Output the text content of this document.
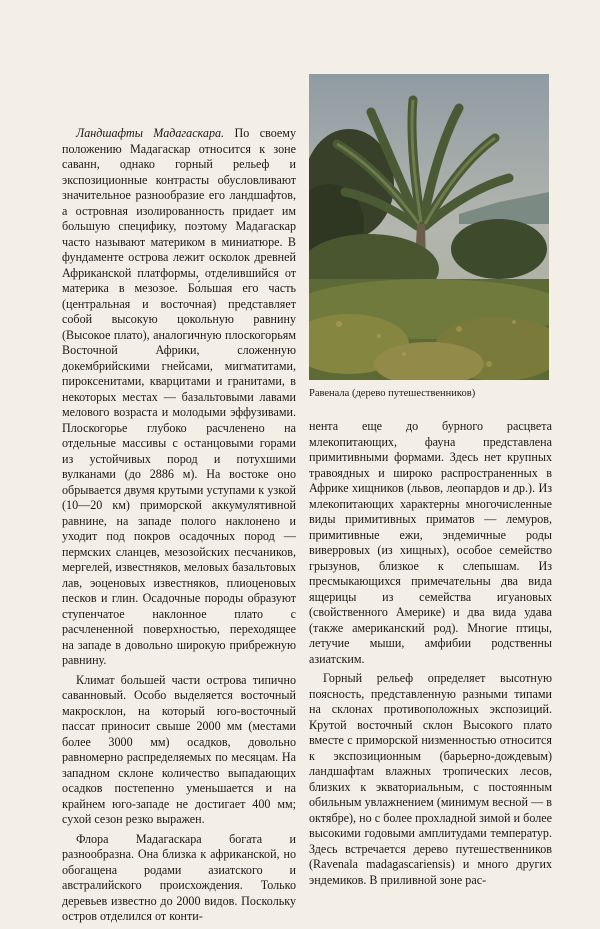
Равенала (дерево путешественников)

Ландшафты Мадагаскара. По своему положению Мадагаскар относится к зоне саванн, однако горный рельеф и экспозиционные контрасты обусловливают значительное разнообразие его ландшафтов, а островная изолированность придает им большую специфику, поэтому Мадагаскар часто называют материком в миниатюре. В фундаменте острова лежит осколок древней Африканской платформы, отделившийся от материка в мезозое. Бо́льшая его часть (центральная и восточная) представляет собой высокую цокольную равнину (Высокое плато), аналогичную плоскогорьям Восточной Африки, сложенную докембрийскими гнейсами, мигматитами, пироксенитами, кварцитами и гранитами, в некоторых местах — базальтовыми лавами мелового возраста и молодыми эффузивами. Плоскогорье глубоко расчленено на отдельные массивы с останцовыми горами из устойчивых пород и потухшими вулканами (до 2886 м). На востоке оно обрывается двумя крутыми уступами к узкой (10—20 км) приморской аккумулятивной равнине, на западе полого наклонено и уходит под покров осадочных пород — пермских сланцев, мезозойских песчаников, мергелей, известняков, меловых базальтовых лав, эоценовых известняков, плиоценовых песков и глин. Осадочные породы образуют ступенчатое наклонное плато с расчлененной поверхностью, переходящее на западе в довольно широкую прибрежную равнину.

Климат большей части острова типично саванновый. Особо выделяется восточный макросклон, на который юго-восточный пассат приносит свыше 2000 мм (местами более 3000 мм) осадков, довольно равномерно распределяемых по месяцам. На западном склоне количество выпадающих осадков постепенно уменьшается и на крайнем юго-западе не достигает 400 мм; сухой сезон резко выражен.

Флора Мадагаскара богата и разнообразна. Она близка к африканской, но обогащена родами азиатского и австралийского происхождения. Только деревьев известно до 2000 видов. Поскольку остров отделился от конти-

нента еще до бурного расцвета млекопитающих, фауна представлена примитивными формами. Здесь нет крупных травоядных и широко распространенных в Африке хищников (львов, леопардов и др.). Из млекопитающих характерны многочисленные виды примитивных приматов — лемуров, примитивные ежи, эндемичные роды виверровых (из хищных), особое семейство грызунов, близкое к слепышам. Из пресмыкающихся примечательны два вида ящерицы из семейства игуановых (свойственного Америке) и два вида удава (также американский род). Многие птицы, летучие мыши, амфибии родственны азиатским.

Горный рельеф определяет высотную поясность, представленную разными типами на склонах противоположных экспозиций. Крутой восточный склон Высокого плато вместе с приморской низменностью относится к экспозиционным (барьерно-дождевым) ландшафтам влажных тропических лесов, близких к экваториальным, с постоянным обильным увлажнением (минимум весной — в октябре), но с более прохладной зимой и более высокими годовыми амплитудами температур. Здесь встречается дерево путешественников (Ravenala madagascariensis) и много других эндемиков. В приливной зоне рас-
